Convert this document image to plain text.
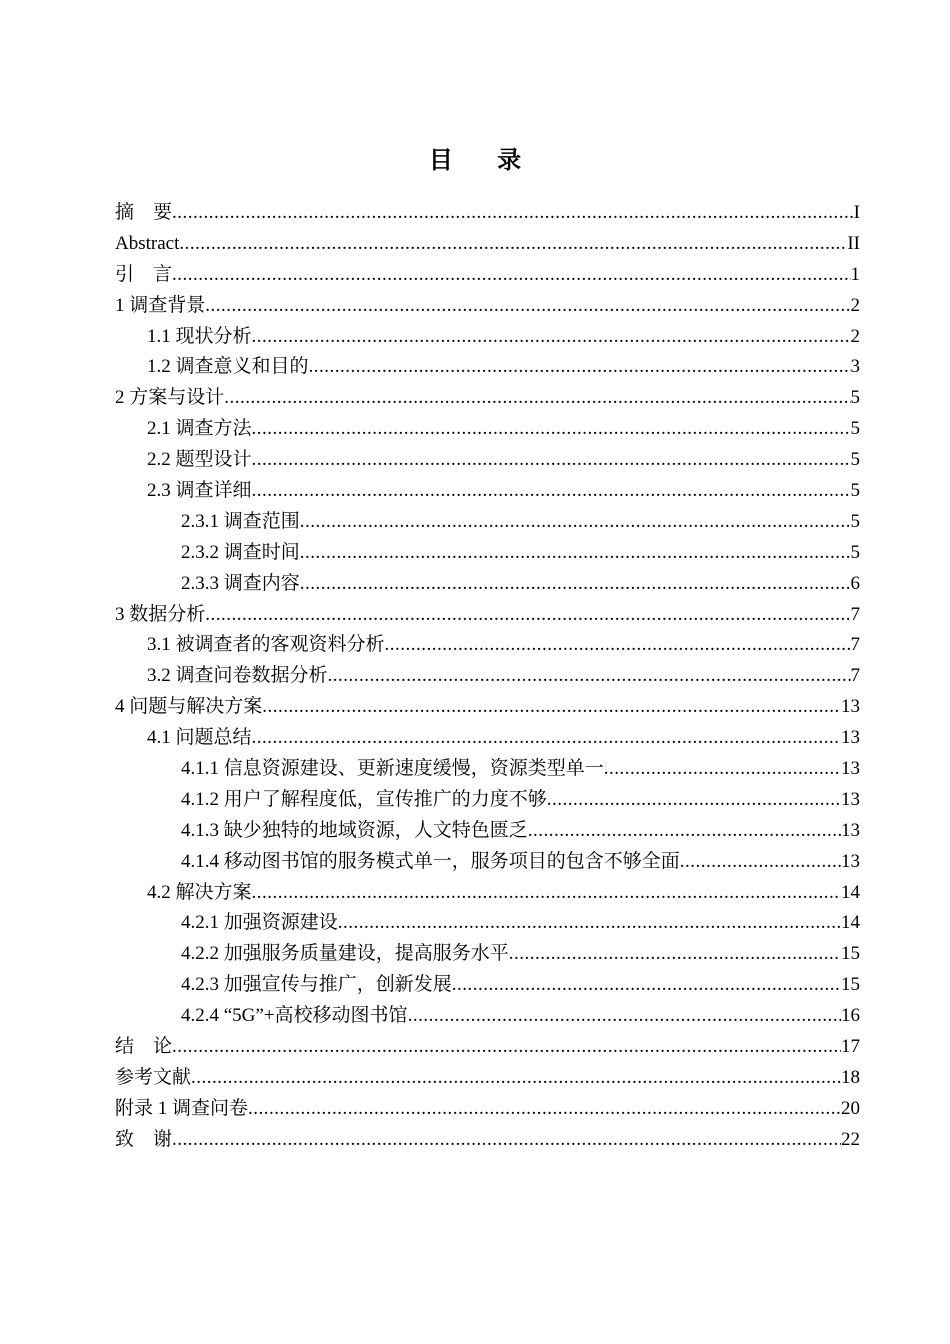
目 录
摘　要 .....	I
Abstract .....	II
引　言 .....	1
1 调查背景 .....	2
1.1 现状分析 .....	2
1.2 调查意义和目的 .....	3
2 方案与设计 .....	5
2.1 调查方法 .....	5
2.2 题型设计 .....	5
2.3 调查详细 .....	5
2.3.1 调查范围 .....	5
2.3.2 调查时间 .....	5
2.3.3 调查内容 .....	6
3 数据分析 .....	7
3.1 被调查者的客观资料分析 .....	7
3.2 调查问卷数据分析 .....	7
4 问题与解决方案 .....	13
4.1 问题总结 .....	13
4.1.1 信息资源建设、更新速度缓慢，资源类型单一 .....	13
4.1.2 用户了解程度低，宣传推广的力度不够 .....	13
4.1.3 缺少独特的地域资源，人文特色匮乏 .....	13
4.1.4 移动图书馆的服务模式单一，服务项目的包含不够全面 .....	13
4.2 解决方案 .....	14
4.2.1 加强资源建设 .....	14
4.2.2 加强服务质量建设，提高服务水平 .....	15
4.2.3 加强宣传与推广，创新发展 .....	15
4.2.4 “5G”+高校移动图书馆 .....	16
结　论 .....	17
参考文献 .....	18
附录 1 调查问卷 .....	20
致　谢 .....	22
